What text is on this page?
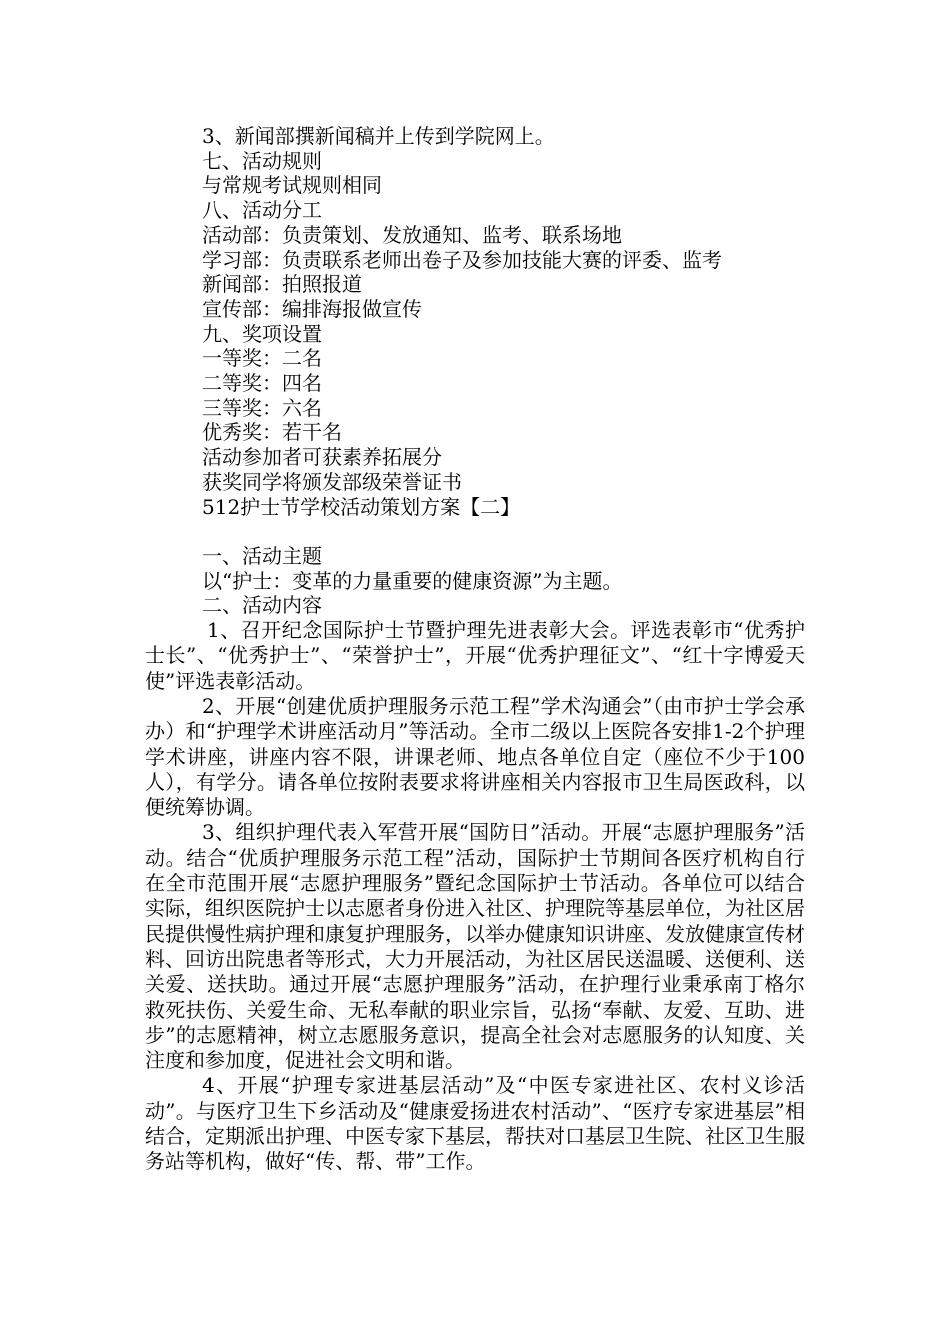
3、新闻部撰新闻稿并上传到学院网上。
七、活动规则
与常规考试规则相同
八、活动分工
活动部：负责策划、发放通知、监考、联系场地
学习部：负责联系老师出卷子及参加技能大赛的评委、监考
新闻部：拍照报道
宣传部：编排海报做宣传
九、奖项设置
一等奖：二名
二等奖：四名
三等奖：六名
优秀奖：若干名
活动参加者可获素养拓展分
获奖同学将颁发部级荣誉证书
512护士节学校活动策划方案【二】
一、活动主题
以“护士：变革的力量重要的健康资源”为主题。
二、活动内容

1、召开纪念国际护士节暨护理先进表彰大会。评选表彰市“优秀护士长”、“优秀护士”、“荣誉护士”，开展“优秀护理征文”、“红十字博爱天使”评选表彰活动。

2、开展“创建优质护理服务示范工程”学术沟通会”（由市护士学会承办）和“护理学术讲座活动月”等活动。全市二级以上医院各安排1-2个护理学术讲座，讲座内容不限，讲课老师、地点各单位自定（座位不少于100人），有学分。请各单位按附表要求将讲座相关内容报市卫生局医政科，以便统筹协调。

3、组织护理代表入军营开展“国防日”活动。开展“志愿护理服务”活动。结合“优质护理服务示范工程”活动，国际护士节期间各医疗机构自行在全市范围开展“志愿护理服务”暨纪念国际护士节活动。各单位可以结合实际，组织医院护士以志愿者身份进入社区、护理院等基层单位，为社区居民提供慢性病护理和康复护理服务，以举办健康知识讲座、发放健康宣传材料、回访出院患者等形式，大力开展活动，为社区居民送温暖、送便利、送关爱、送扶助。通过开展“志愿护理服务”活动，在护理行业秉承南丁格尔救死扶伤、关爱生命、无私奉献的职业宗旨，弘扬“奉献、友爱、互助、进步”的志愿精神，树立志愿服务意识，提高全社会对志愿服务的认知度、关注度和参加度，促进社会文明和谐。

4、开展“护理专家进基层活动”及“中医专家进社区、农村义诊活动”。与医疗卫生下乡活动及“健康爱扬进农村活动”、“医疗专家进基层”相结合，定期派出护理、中医专家下基层，帮扶对口基层卫生院、社区卫生服务站等机构，做好“传、帮、带”工作。
